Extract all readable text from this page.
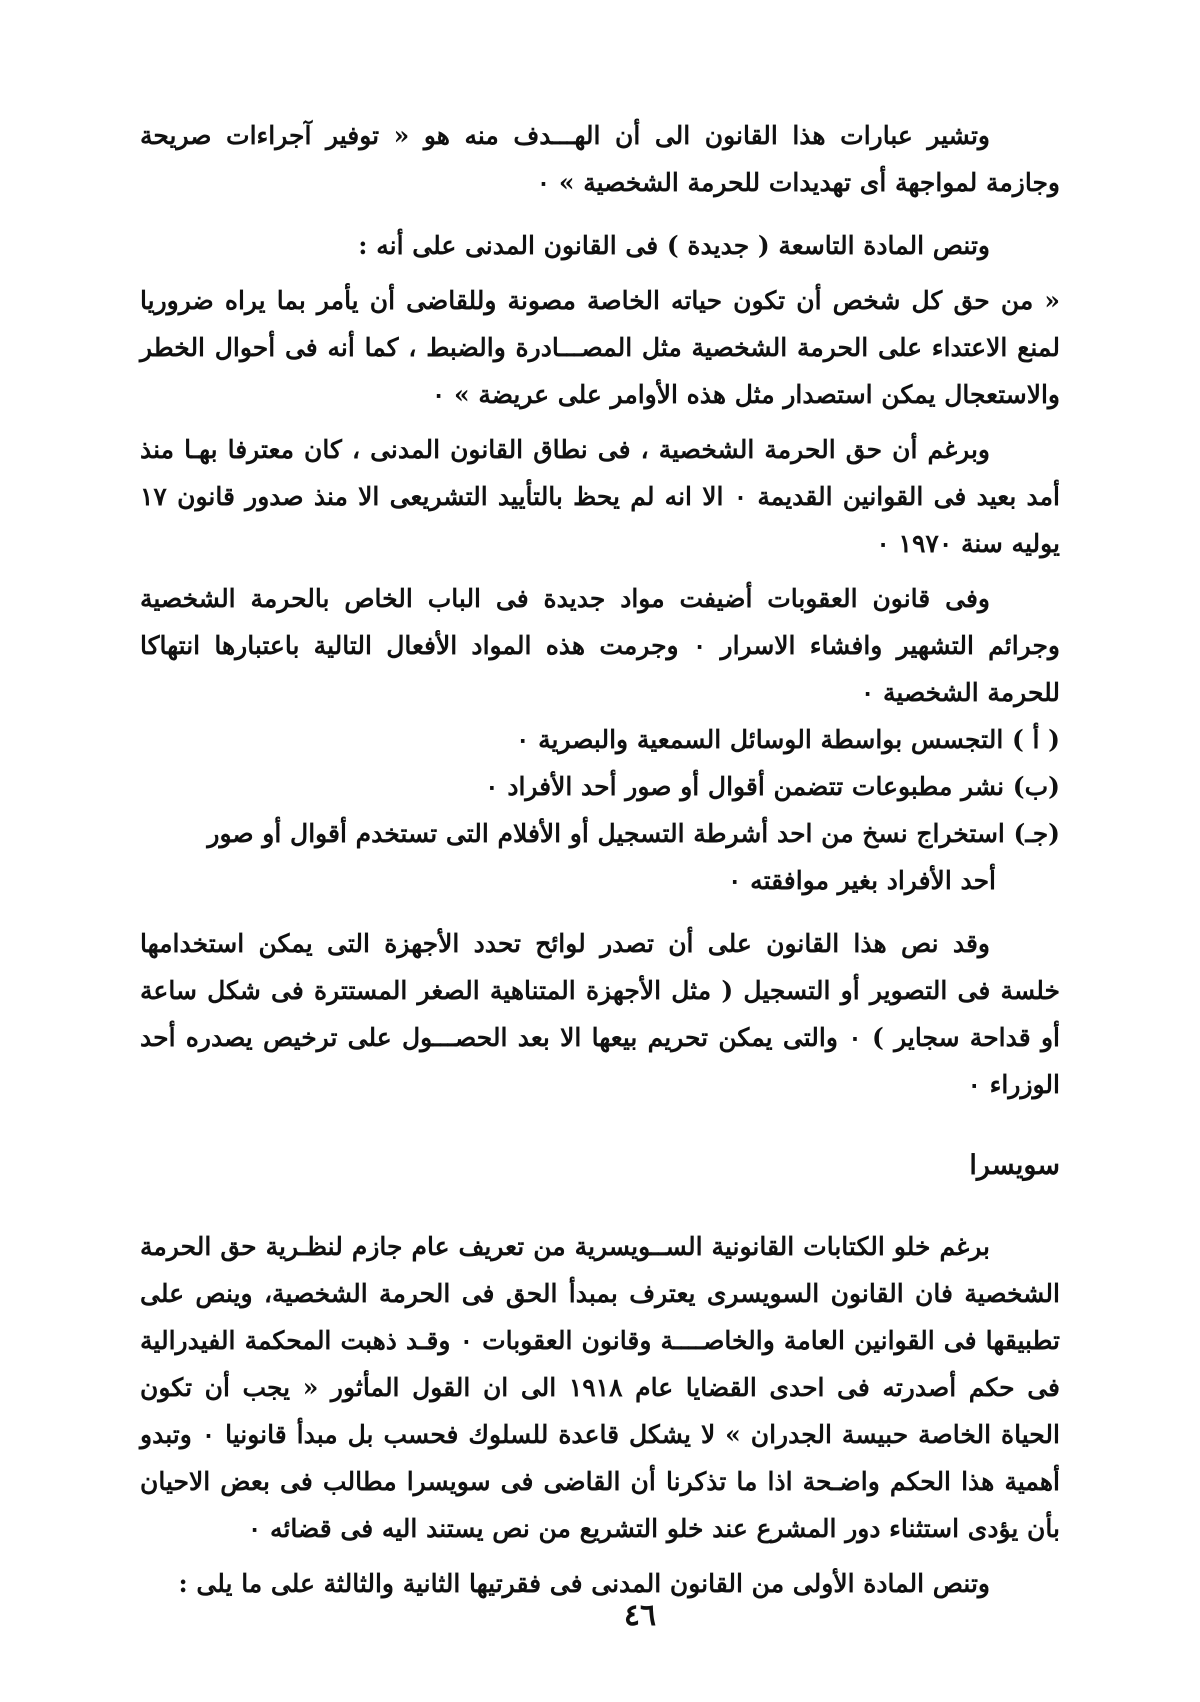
وتشير عبارات هذا القانون الى أن الهـــدف منه هو « توفير آجراءات صريحة وجازمة لمواجهة أى تهديدات للحرمة الشخصية » ٠

وتنص المادة التاسعة ( جديدة ) فى القانون المدنى على أنه :

« من حق كل شخص أن تكون حياته الخاصة مصونة وللقاضى أن يأمر بما يراه ضروريا لمنع الاعتداء على الحرمة الشخصية مثل المصـــادرة والضبط ، كما أنه فى أحوال الخطر والاستعجال يمكن استصدار مثل هذه الأوامر على عريضة » ٠

وبرغم أن حق الحرمة الشخصية ، فى نطاق القانون المدنى ، كان معترفا بهـا منذ أمد بعيد فى القوانين القديمة ٠ الا انه لم يحظ بالتأييد التشريعى الا منذ صدور قانون ١٧ يوليه سنة ١٩٧٠ ٠

وفى قانون العقوبات أضيفت مواد جديدة فى الباب الخاص بالحرمة الشخصية وجرائم التشهير وافشاء الاسرار ٠ وجرمت هذه المواد الأفعال التالية باعتبارها انتهاكا للحرمة الشخصية ٠

( أ ) التجسس بواسطة الوسائل السمعية والبصرية ٠

(ب) نشر مطبوعات تتضمن أقوال أو صور أحد الأفراد ٠

(جـ) استخراج نسخ من احد أشرطة التسجيل أو الأفلام التى تستخدم أقوال أو صور

أحد الأفراد بغير موافقته ٠

وقد نص هذا القانون على أن تصدر لوائح تحدد الأجهزة التى يمكن استخدامها خلسة فى التصوير أو التسجيل ( مثل الأجهزة المتناهية الصغر المستترة فى شكل ساعة أو قداحة سجاير ) ٠ والتى يمكن تحريم بيعها الا بعد الحصـــول على ترخيص يصدره أحد الوزراء ٠

سويسرا

برغم خلو الكتابات القانونية الســويسرية من تعريف عام جازم لنظـرية حق الحرمة الشخصية فان القانون السويسرى يعترف بمبدأ الحق فى الحرمة الشخصية، وينص على تطبيقها فى القوانين العامة والخاصــــة وقانون العقوبات ٠ وقـد ذهبت المحكمة الفيدرالية فى حكم أصدرته فى احدى القضايا عام ١٩١٨ الى ان القول المأثور « يجب أن تكون الحياة الخاصة حبيسة الجدران » لا يشكل قاعدة للسلوك فحسب بل مبدأ قانونيا ٠ وتبدو أهمية هذا الحكم واضـحة اذا ما تذكرنا أن القاضى فى سويسرا مطالب فى بعض الاحيان بأن يؤدى استثناء دور المشرع عند خلو التشريع من نص يستند اليه فى قضائه ٠

وتنص المادة الأولى من القانون المدنى فى فقرتيها الثانية والثالثة على ما يلى :

٤٦
